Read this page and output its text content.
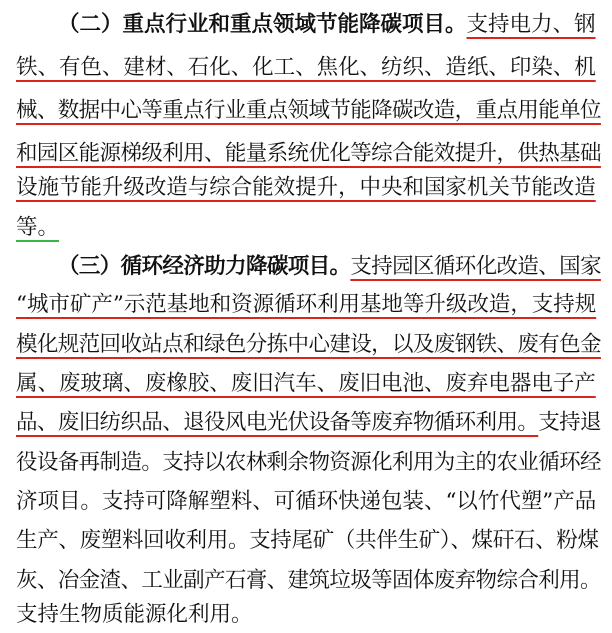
（二）重点行业和重点领域节能降碳项目。支持电力、钢
铁、有色、建材、石化、化工、焦化、纺织、造纸、印染、机
械、数据中心等重点行业重点领域节能降碳改造，重点用能单位
和园区能源梯级利用、能量系统优化等综合能效提升，供热基础
设施节能升级改造与综合能效提升，中央和国家机关节能改造
等。
（三）循环经济助力降碳项目。支持园区循环化改造、国家
“城市矿产”示范基地和资源循环利用基地等升级改造，支持规
模化规范回收站点和绿色分拣中心建设，以及废钢铁、废有色金
属、废玻璃、废橡胶、废旧汽车、废旧电池、废弃电器电子产
品、废旧纺织品、退役风电光伏设备等废弃物循环利用。支持退
役设备再制造。支持以农林剩余物资源化利用为主的农业循环经
济项目。支持可降解塑料、可循环快递包装、“以竹代塑”产品
生产、废塑料回收利用。支持尾矿（共伴生矿）、煤矸石、粉煤
灰、冶金渣、工业副产石膏、建筑垃圾等固体废弃物综合利用。
支持生物质能源化利用。
